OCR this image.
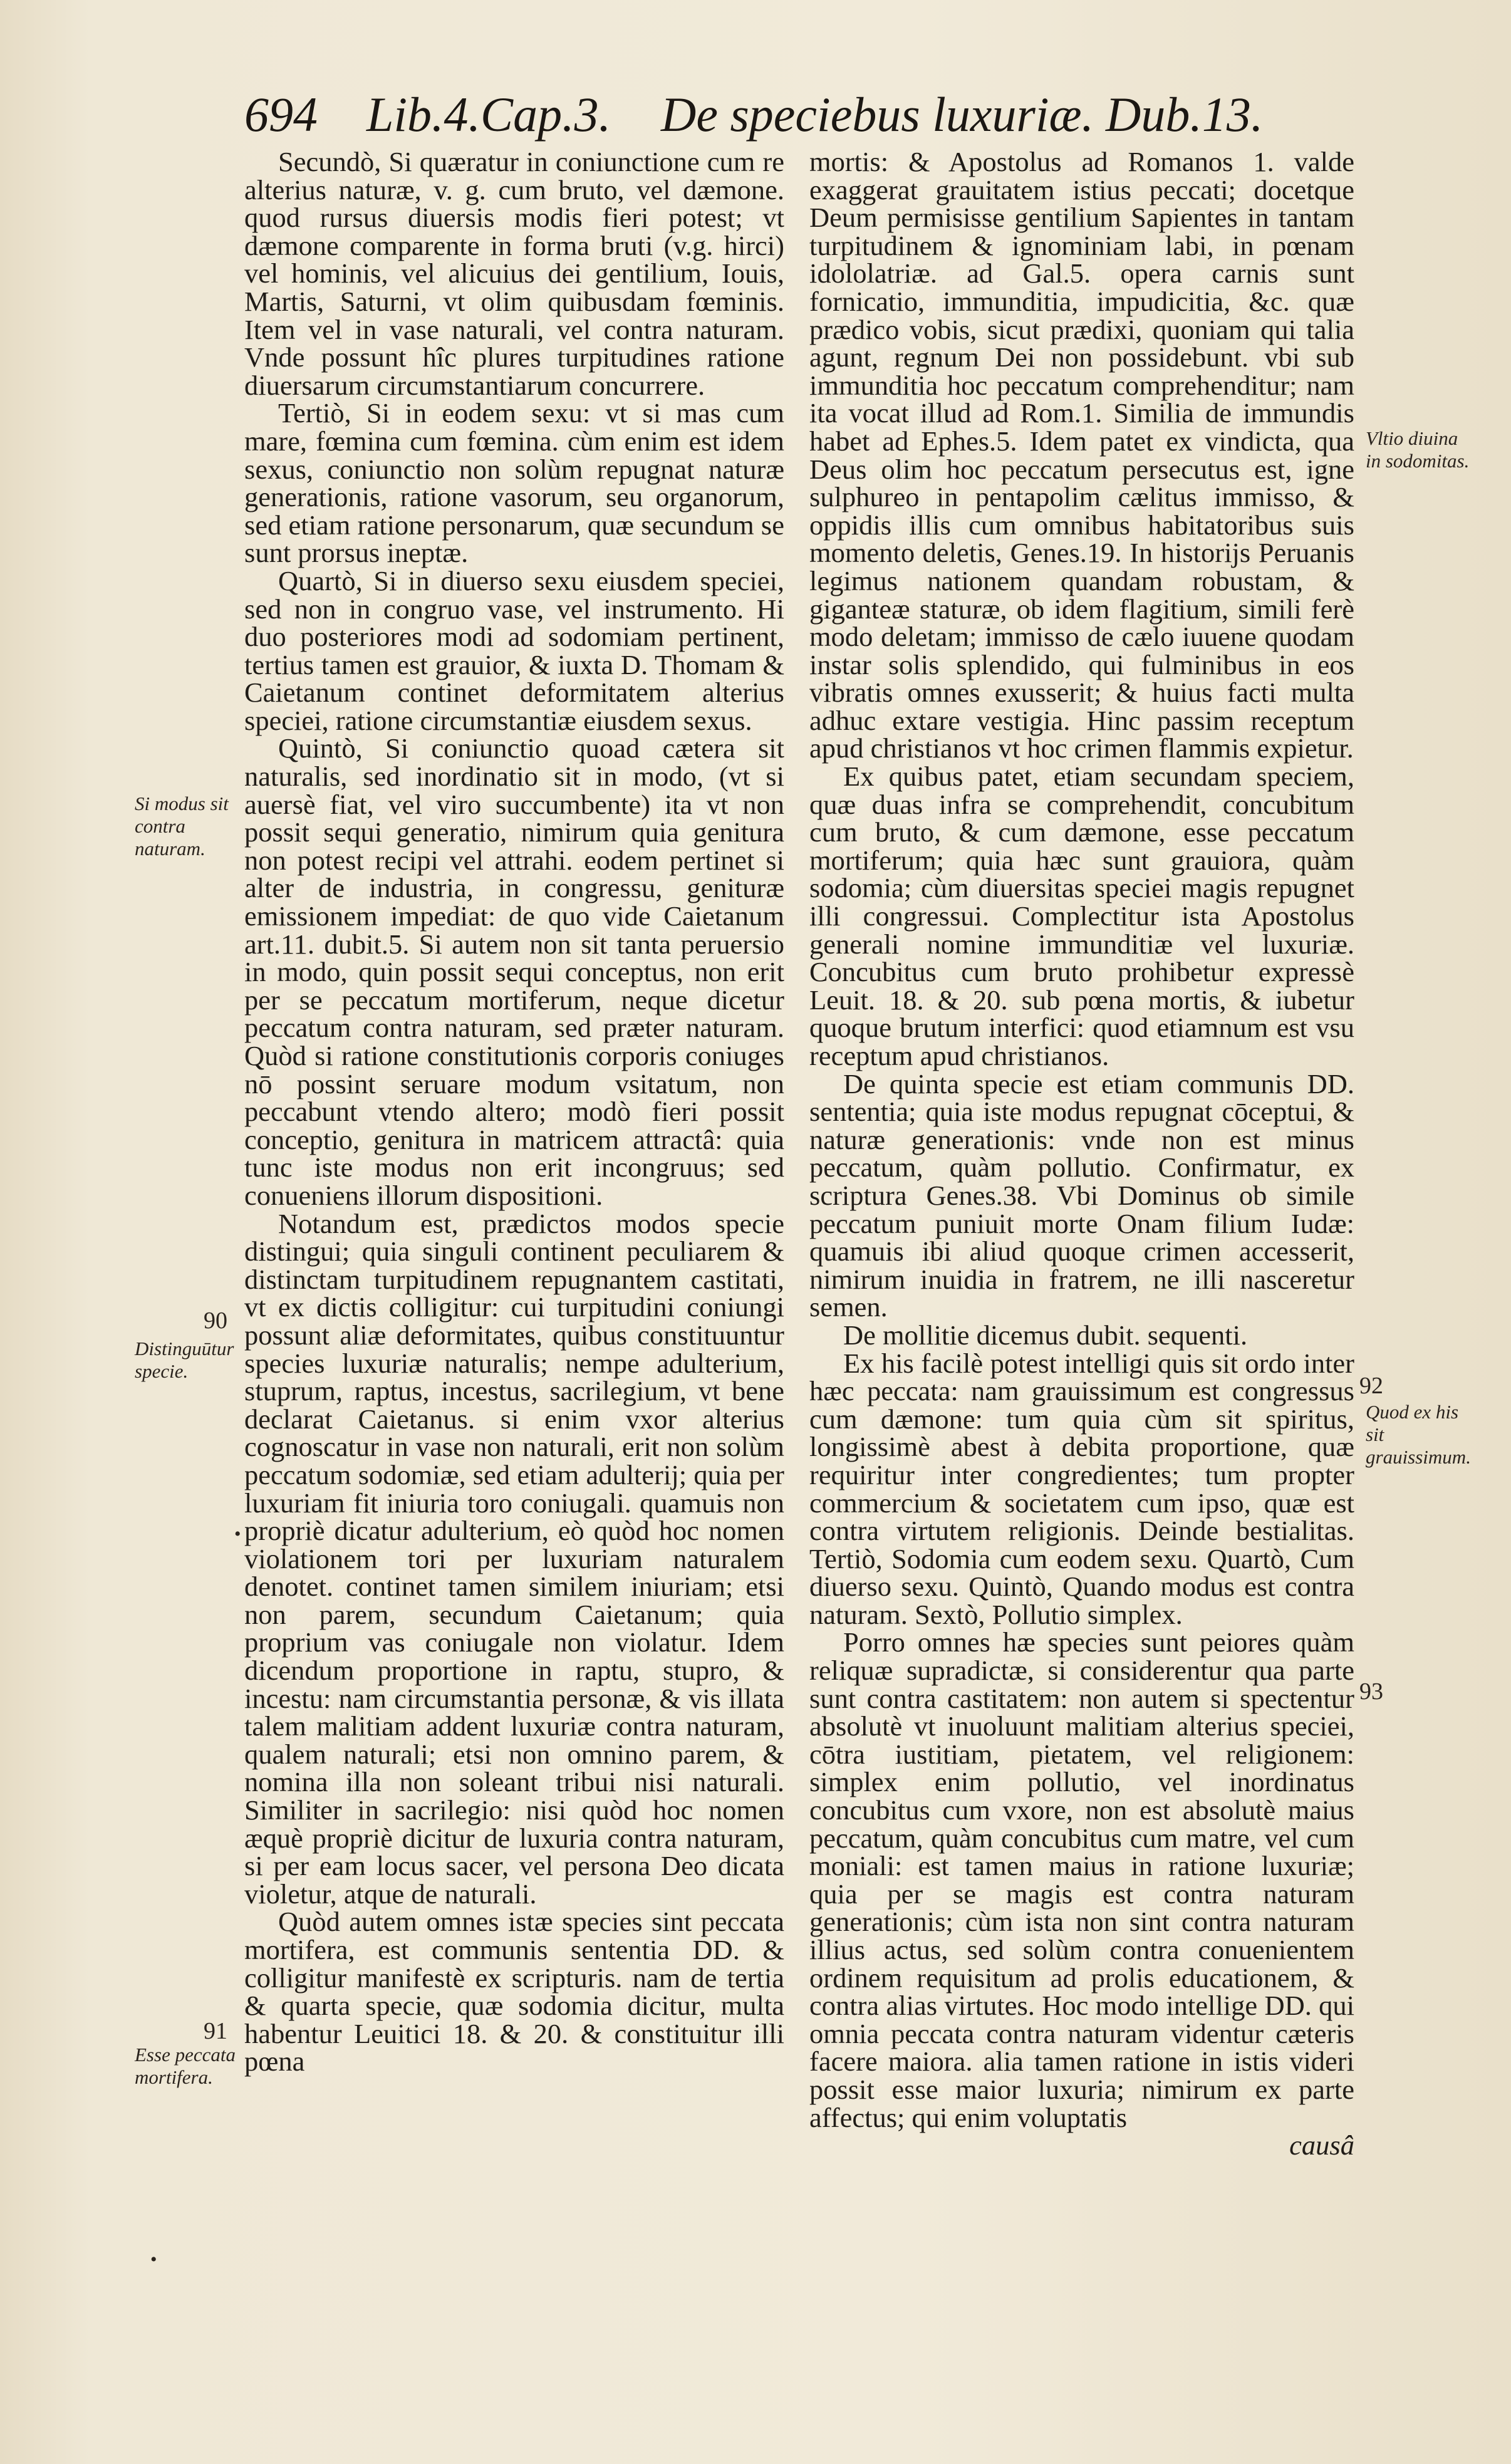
694 Lib.4.Cap.3. De speciebus luxuriæ. Dub.13.

Secundò, Si quæratur in coniunctione cum re alterius naturæ, v. g. cum bruto, vel dæmone. quod rursus diuersis modis fieri potest; vt dæmone comparente in forma bruti (v.g. hirci) vel hominis, vel alicuius dei gentilium, Iouis, Martis, Saturni, vt olim quibusdam fœminis. Item vel in vase naturali, vel contra naturam. Vnde possunt hîc plures turpitudines ratione diuersarum circumstantiarum concurrere.

Tertiò, Si in eodem sexu: vt si mas cum mare, fœmina cum fœmina. cùm enim est idem sexus, coniunctio non solùm repugnat naturæ generationis, ratione vasorum, seu organorum, sed etiam ratione personarum, quæ secundum se sunt prorsus ineptæ.

Quartò, Si in diuerso sexu eiusdem speciei, sed non in congruo vase, vel instrumento. Hi duo posteriores modi ad sodomiam pertinent, tertius tamen est grauior, & iuxta D. Thomam & Caietanum continet deformitatem alterius speciei, ratione circumstantiæ eiusdem sexus.

Quintò, Si coniunctio quoad cætera sit naturalis, sed inordinatio sit in modo, (vt si auersè fiat, vel viro succumbente) ita vt non possit sequi generatio, nimirum quia genitura non potest recipi vel attrahi. eodem pertinet si alter de industria, in congressu, genituræ emissionem impediat: de quo vide Caietanum art.11. dubit.5. Si autem non sit tanta peruersio in modo, quin possit sequi conceptus, non erit per se peccatum mortiferum, neque dicetur peccatum contra naturam, sed præter naturam. Quòd si ratione constitutionis corporis coniuges nō possint seruare modum vsitatum, non peccabunt vtendo altero; modò fieri possit conceptio, genitura in matricem attractâ: quia tunc iste modus non erit incongruus; sed conueniens illorum dispositioni.

Notandum est, prædictos modos specie distingui; quia singuli continent peculiarem & distinctam turpitudinem repugnantem castitati, vt ex dictis colligitur: cui turpitudini coniungi possunt aliæ deformitates, quibus constituuntur species luxuriæ naturalis; nempe adulterium, stuprum, raptus, incestus, sacrilegium, vt bene declarat Caietanus. si enim vxor alterius cognoscatur in vase non naturali, erit non solùm peccatum sodomiæ, sed etiam adulterij; quia per luxuriam fit iniuria toro coniugali. quamuis non propriè dicatur adulterium, eò quòd hoc nomen violationem tori per luxuriam naturalem denotet. continet tamen similem iniuriam; etsi non parem, secundum Caietanum; quia proprium vas coniugale non violatur. Idem dicendum proportione in raptu, stupro, & incestu: nam circumstantia personæ, & vis illata talem malitiam addent luxuriæ contra naturam, qualem naturali; etsi non omnino parem, & nomina illa non soleant tribui nisi naturali. Similiter in sacrilegio: nisi quòd hoc nomen æquè propriè dicitur de luxuria contra naturam, si per eam locus sacer, vel persona Deo dicata violetur, atque de naturali.

Quòd autem omnes istæ species sint peccata mortifera, est communis sententia DD. & colligitur manifestè ex scripturis. nam de tertia & quarta specie, quæ sodomia dicitur, multa habentur Leuitici 18. & 20. & constituitur illi pœna

mortis: & Apostolus ad Romanos 1. valde exaggerat grauitatem istius peccati; docetque Deum permisisse gentilium Sapientes in tantam turpitudinem & ignominiam labi, in pœnam idololatriæ. ad Gal.5. opera carnis sunt fornicatio, immunditia, impudicitia, &c. quæ prædico vobis, sicut prædixi, quoniam qui talia agunt, regnum Dei non possidebunt. vbi sub immunditia hoc peccatum comprehenditur; nam ita vocat illud ad Rom.1. Similia de immundis habet ad Ephes.5. Idem patet ex vindicta, qua Deus olim hoc peccatum persecutus est, igne sulphureo in pentapolim cælitus immisso, & oppidis illis cum omnibus habitatoribus suis momento deletis, Genes.19. In historijs Peruanis legimus nationem quandam robustam, & giganteæ staturæ, ob idem flagitium, simili ferè modo deletam; immisso de cælo iuuene quodam instar solis splendido, qui fulminibus in eos vibratis omnes exusserit; & huius facti multa adhuc extare vestigia. Hinc passim receptum apud christianos vt hoc crimen flammis expietur.

Ex quibus patet, etiam secundam speciem, quæ duas infra se comprehendit, concubitum cum bruto, & cum dæmone, esse peccatum mortiferum; quia hæc sunt grauiora, quàm sodomia; cùm diuersitas speciei magis repugnet illi congressui. Complectitur ista Apostolus generali nomine immunditiæ vel luxuriæ. Concubitus cum bruto prohibetur expressè Leuit. 18. & 20. sub pœna mortis, & iubetur quoque brutum interfici: quod etiamnum est vsu receptum apud christianos.

De quinta specie est etiam communis DD. sententia; quia iste modus repugnat cōceptui, & naturæ generationis: vnde non est minus peccatum, quàm pollutio. Confirmatur, ex scriptura Genes.38. Vbi Dominus ob simile peccatum puniuit morte Onam filium Iudæ: quamuis ibi aliud quoque crimen accesserit, nimirum inuidia in fratrem, ne illi nasceretur semen.

De mollitie dicemus dubit. sequenti.

Ex his facilè potest intelligi quis sit ordo inter hæc peccata: nam grauissimum est congressus cum dæmone: tum quia cùm sit spiritus, longissimè abest à debita proportione, quæ requiritur inter congredientes; tum propter commercium & societatem cum ipso, quæ est contra virtutem religionis. Deinde bestialitas. Tertiò, Sodomia cum eodem sexu. Quartò, Cum diuerso sexu. Quintò, Quando modus est contra naturam. Sextò, Pollutio simplex.

Porro omnes hæ species sunt peiores quàm reliquæ supradictæ, si considerentur qua parte sunt contra castitatem: non autem si spectentur absolutè vt inuoluunt malitiam alterius speciei, cōtra iustitiam, pietatem, vel religionem: simplex enim pollutio, vel inordinatus concubitus cum vxore, non est absolutè maius peccatum, quàm concubitus cum matre, vel cum moniali: est tamen maius in ratione luxuriæ; quia per se magis est contra naturam generationis; cùm ista non sint contra naturam illius actus, sed solùm contra conuenientem ordinem requisitum ad prolis educationem, & contra alias virtutes. Hoc modo intellige DD. qui omnia peccata contra naturam videntur cæteris facere maiora. alia tamen ratione in istis videri possit esse maior luxuria; nimirum ex parte affectus; qui enim voluptatis

causâ
Si modus sit contra naturam.
90
Distinguūtur specie.
91
Esse peccata mortifera.
Vltio diuina in sodomitas.
92
Quod ex his sit grauissimum.
93
•
•
